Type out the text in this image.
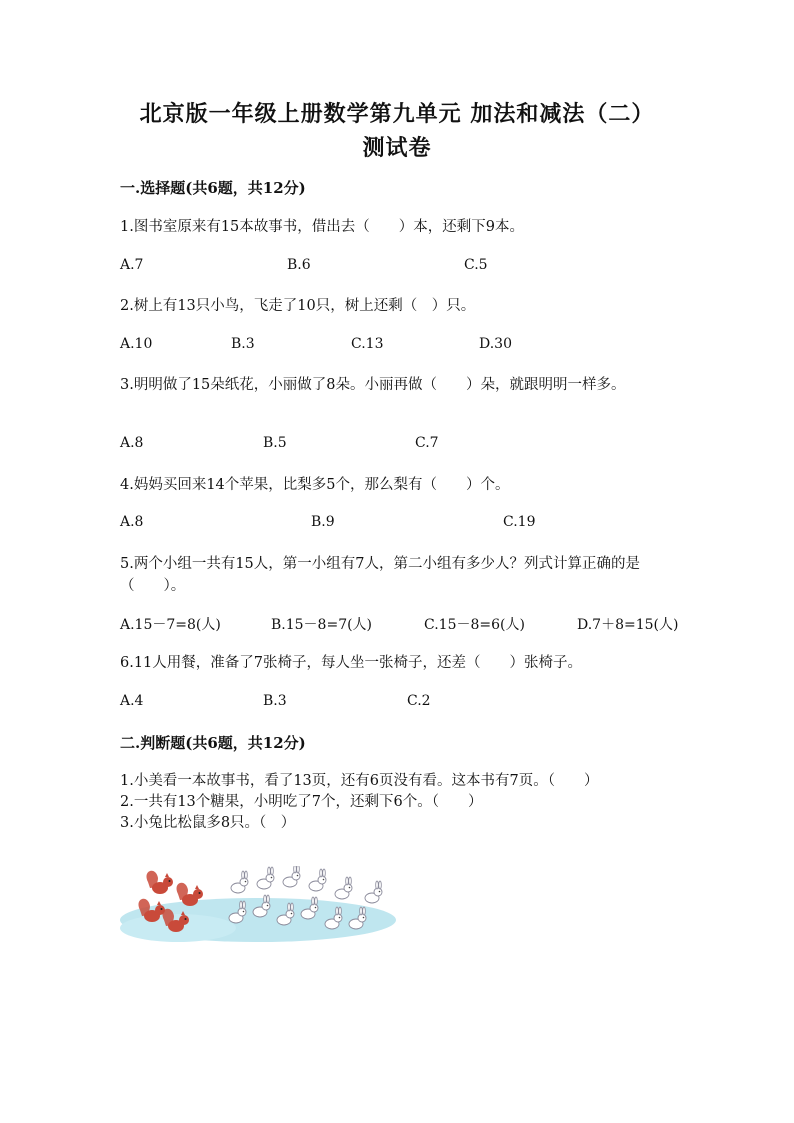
北京版一年级上册数学第九单元 加法和减法（二）
测试卷
一.选择题(共6题，共12分)
1.图书室原来有15本故事书，借出去（　　）本，还剩下9本。
A.7	B.6	C.5
2.树上有13只小鸟，飞走了10只，树上还剩（　）只。
A.10	B.3	C.13	D.30
3.明明做了15朵纸花，小丽做了8朵。小丽再做（　　）朵，就跟明明一样多。
A.8	B.5	C.7
4.妈妈买回来14个苹果，比梨多5个，那么梨有（　　）个。
A.8	B.9	C.19
5.两个小组一共有15人，第一小组有7人，第二小组有多少人？列式计算正确的是（　　）。
A.15－7=8(人)	B.15－8=7(人)	C.15－8=6(人)	D.7＋8=15(人)
6.11人用餐，准备了7张椅子，每人坐一张椅子，还差（　　）张椅子。
A.4	B.3	C.2
二.判断题(共6题，共12分)
1.小美看一本故事书，看了13页，还有6页没有看。这本书有7页。（　　）
2.一共有13个糖果，小明吃了7个，还剩下6个。（　　）
3.小兔比松鼠多8只。（　）
